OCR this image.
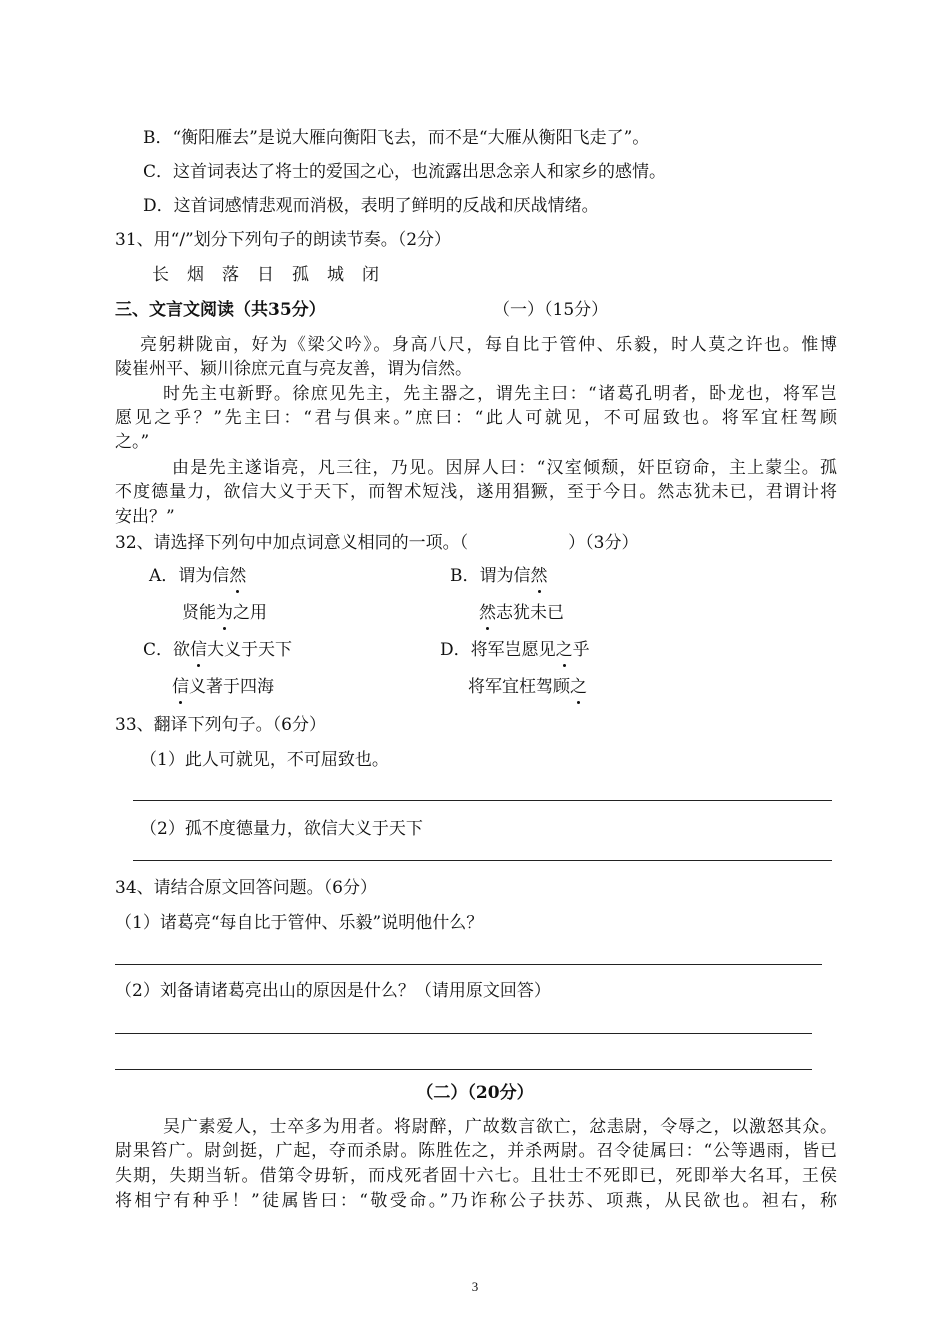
B．“衡阳雁去”是说大雁向衡阳飞去，而不是“大雁从衡阳飞走了”。
C．这首词表达了将士的爱国之心，也流露出思念亲人和家乡的感情。
D．这首词感情悲观而消极，表明了鲜明的反战和厌战情绪。
31、用“/”划分下列句子的朗读节奏。（2分）
长烟落日孤城闭
三、文言文阅读（共35分）	（一）（15分）
亮躬耕陇亩，好为《梁父吟》。身高八尺，每自比于管仲、乐毅，时人莫之许也。惟博
陵崔州平、颍川徐庶元直与亮友善，谓为信然。
时先主屯新野。徐庶见先主，先主器之，谓先主曰：“诸葛孔明者，卧龙也，将军岂
愿见之乎？”先主曰：“君与俱来。”庶曰：“此人可就见，不可屈致也。将军宜枉驾顾
之。”
由是先主遂诣亮，凡三往，乃见。因屏人曰：“汉室倾颓，奸臣窃命，主上蒙尘。孤
不度德量力，欲信大义于天下，而智术短浅，遂用猖獗，至于今日。然志犹未已，君谓计将
安出？”
32、请选择下列句中加点词意义相同的一项。（	）（3分）
A．谓为信然
贤能为之用
B．谓为信然
然志犹未已
C．欲信大义于天下
信义著于四海
D．将军岂愿见之乎
将军宜枉驾顾之
33、翻译下列句子。（6分）
（1）此人可就见，不可屈致也。
（2）孤不度德量力，欲信大义于天下
34、请结合原文回答问题。（6分）
（1）诸葛亮“每自比于管仲、乐毅”说明他什么？
（2）刘备请诸葛亮出山的原因是什么？（请用原文回答）
（二）（20分）
吴广素爱人，士卒多为用者。将尉醉，广故数言欲亡，忿恚尉，令辱之，以激怒其众。
尉果笞广。尉剑挺，广起，夺而杀尉。陈胜佐之，并杀两尉。召令徒属曰：“公等遇雨，皆已
失期，失期当斩。借第令毋斩，而戍死者固十六七。且壮士不死即已，死即举大名耳，王侯
将相宁有种乎！”徒属皆曰：“敬受命。”乃诈称公子扶苏、项燕，从民欲也。袒右，称
3
